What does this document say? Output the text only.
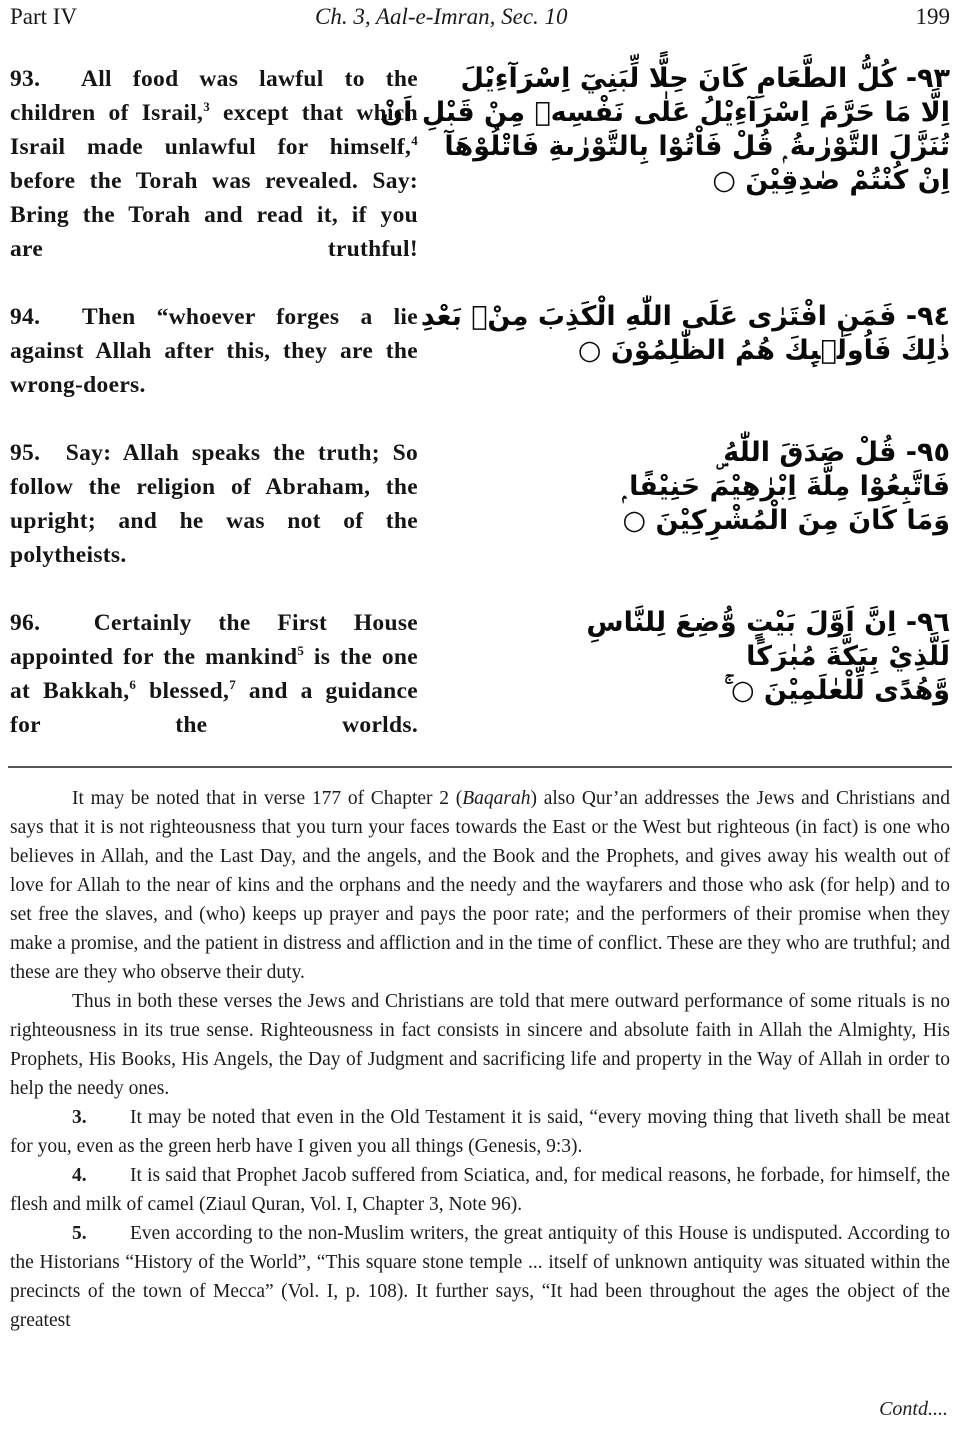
Part IV	Ch. 3, Aal-e-Imran, Sec. 10	199
93. All food was lawful to the children of Israil,$^3$ except that which Israil made unlawful for himself,$^4$ before the Torah was revealed. Say: Bring the Torah and read it, if you are truthful!
٩٣- كُلُّ الطَّعَامِ كَانَ حِلًّا لِّبَنِيٓ اِسْرَآءِيْلَ
اِلَّا مَا حَرَّمَ اِسْرَآءِيْلُ عَلٰى نَفْسِهٖ مِنْ قَبْلِ اَنْ
تُنَزَّلَ التَّوْرٰىةُ ۭ قُلْ فَاْتُوْا بِالتَّوْرٰىةِ فَاتْلُوْهَآ
اِنْ كُنْتُمْ صٰدِقِيْنَ ○
94. Then “whoever forges a lie against Allah after this, they are the wrong-doers.
٩٤- فَمَنِ افْتَرٰى عَلَى اللّٰهِ الْكَذِبَ مِنْۢ بَعْدِ
ذٰلِكَ فَاُولٰۗىِٕكَ هُمُ الظّٰلِمُوْنَ ○
95. Say: Allah speaks the truth; So follow the religion of Abraham, the upright; and he was not of the polytheists.
٩٥- قُلْ صَدَقَ اللّٰهُ ۣ
فَاتَّبِعُوْا مِلَّةَ اِبْرٰهِيْمَ حَنِيْفًا ۭ
وَمَا كَانَ مِنَ الْمُشْرِكِيْنَ ○
96. Certainly the First House appointed for the mankind$^5$ is the one at Bakkah,$^6$ blessed,$^7$ and a guidance for the worlds.
٩٦- اِنَّ اَوَّلَ بَيْتٍ وُّضِعَ لِلنَّاسِ
لَلَّذِيْ بِبَكَّةَ مُبٰرَكًا
وَّهُدًى لِّلْعٰلَمِيْنَ ○ ۚ

It may be noted that in verse 177 of Chapter 2 (Baqarah) also Qur’an addresses the Jews and Christians and says that it is not righteousness that you turn your faces towards the East or the West but righteous (in fact) is one who believes in Allah, and the Last Day, and the angels, and the Book and the Prophets, and gives away his wealth out of love for Allah to the near of kins and the orphans and the needy and the wayfarers and those who ask (for help) and to set free the slaves, and (who) keeps up prayer and pays the poor rate; and the performers of their promise when they make a promise, and the patient in distress and affliction and in the time of conflict. These are they who are truthful; and these are they who observe their duty.

Thus in both these verses the Jews and Christians are told that mere outward performance of some rituals is no righteousness in its true sense. Righteousness in fact consists in sincere and absolute faith in Allah the Almighty, His Prophets, His Books, His Angels, the Day of Judgment and sacrificing life and property in the Way of Allah in order to help the needy ones.

3. It may be noted that even in the Old Testament it is said, “every moving thing that liveth shall be meat for you, even as the green herb have I given you all things (Genesis, 9:3).

4. It is said that Prophet Jacob suffered from Sciatica, and, for medical reasons, he forbade, for himself, the flesh and milk of camel (Ziaul Quran, Vol. I, Chapter 3, Note 96).

5. Even according to the non-Muslim writers, the great antiquity of this House is undisputed. According to the Historians “History of the World”, “This square stone temple ... itself of unknown antiquity was situated within the precincts of the town of Mecca” (Vol. I, p. 108). It further says, “It had been throughout the ages the object of the greatest

Contd....
